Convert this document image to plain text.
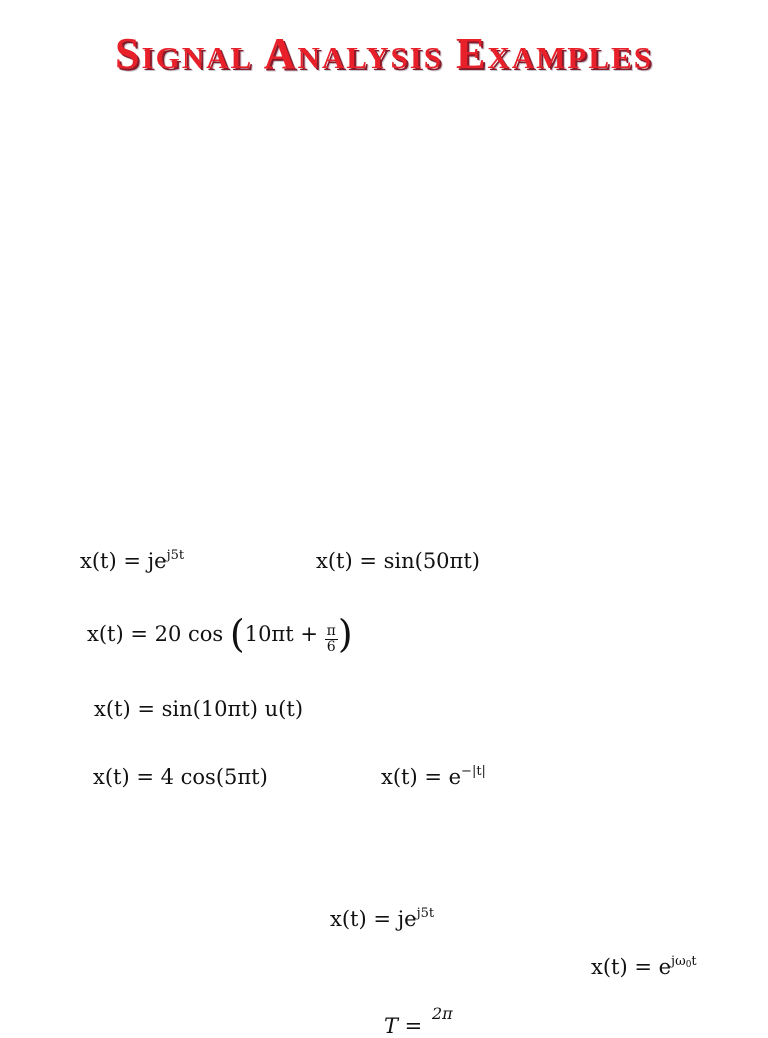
Signal Analysis Examples
$x(t) = je^{j5t}$	x(t) = sin(50πt)
x(t) = 20 $\cos (10\pi t + \frac{\pi}{6}$ )
x(t) = sin(10πt) u(t)
x(t) = 4 cos(5πt)	$x(t) = e^{-|t|}$
$x(t) = je^{j5t}$
$x(t) = e^{j\omega 0t}$
2π
T =
